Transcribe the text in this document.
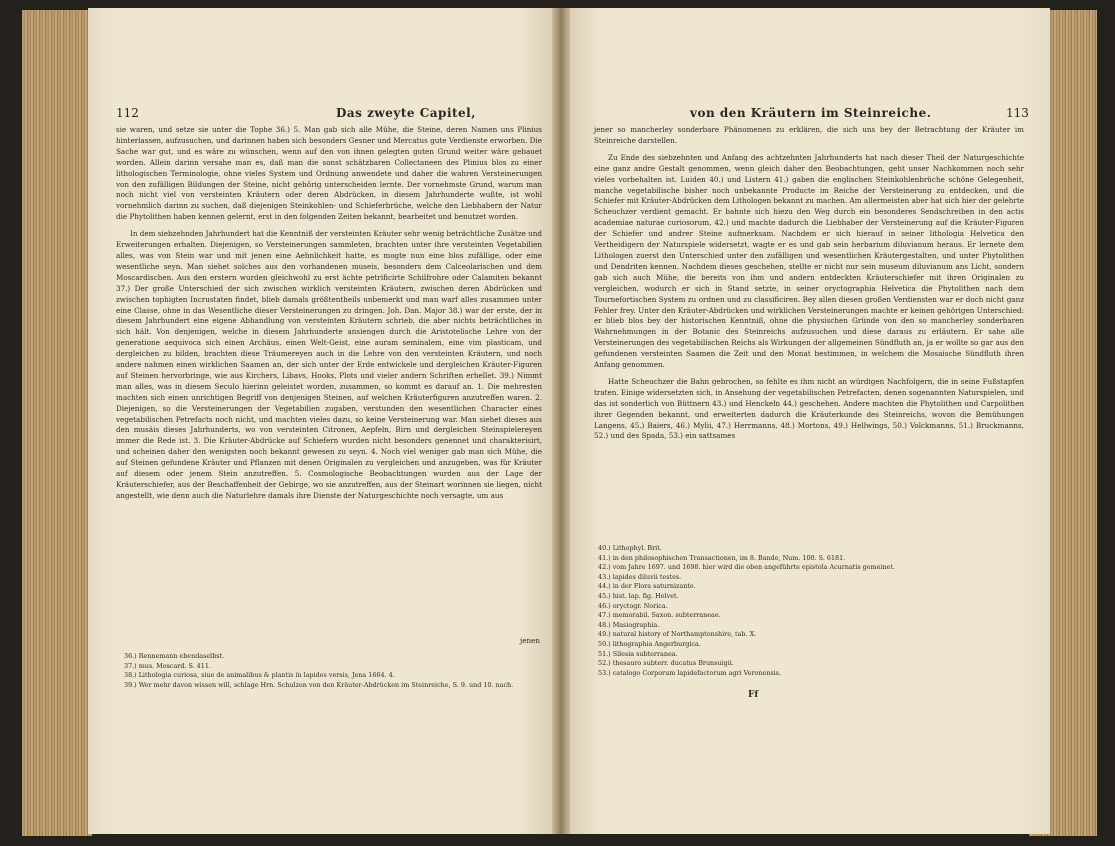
112	Das zweyte Capitel,

sie waren, und setze sie unter die Tophe 36.) 5. Man gab sich alle Mühe, die Steine, deren Namen uns Plinius hinterlassen, aufzusuchen, und darinnen haben sich besonders Gesner und Mercatus gute Verdienste erworben. Die Sache war gut, und es wäre zu wünschen, wenn auf den von ihnen gelegten guten Grund weiter wäre gebauet worden. Allein darinn versahe man es, daß man die sonst schätzbaren Collectaneen des Plinius blos zu einer lithologischen Terminologie, ohne vieles System und Ordnung anwendete und daher die wahren Versteinerungen von den zufälligen Bildungen der Steine, nicht gehörig unterscheiden lernte. Der vornehmste Grund, warum man noch nicht viel von versteinten Kräutern oder deren Abdrücken, in diesem Jahrhunderte wußte, ist wohl vornehmlich darinn zu suchen, daß diejenigen Steinkohlen- und Schieferbrüche, welche den Liebhabern der Natur die Phytolithen haben kennen gelernt, erst in den folgenden Zeiten bekannt, bearbeitet und benutzet worden.

In dem siebzehnden Jahrhundert hat die Kenntniß der versteinten Kräuter sehr wenig beträchtliche Zusätze und Erweiterungen erhalten. Diejenigen, so Versteinerungen sammleten, brachten unter ihre versteinten Vegetabilien alles, was von Stein war und mit jenen eine Aehnlichkeit hatte, es mogte nun eine blos zufällige, oder eine wesentliche seyn. Man siehet solches aus den vorhandenen museis, besonders dem Calceolarischen und dem Moscardischen. Aus den erstern wurden gleichwohl zu erst ächte petrificirte Schilfrohre oder Calamiten bekannt 37.) Der große Unterschied der sich zwischen wirklich versteinten Kräutern, zwischen deren Abdrücken und zwischen tophigten Incrustaten findet, blieb damals größtentheils unbemerkt und man warf alles zusammen unter eine Classe, ohne in das Wesentliche dieser Versteinerungen zu dringen. Joh. Dan. Major 38.) war der erste, der in diesem Jahrhundert eine eigene Abhandlung von versteinten Kräutern schrieb, die aber nichts beträchtliches in sich hält. Von denjenigen, welche in diesem Jahrhunderte ansiengen durch die Aristotelische Lehre von der generatione aequivoca sich einen Archäus, einen Welt-Geist, eine auram seminalem, eine vim plasticam, und dergleichen zu bilden, brachten diese Träumereyen auch in die Lehre von den versteinten Kräutern, und noch andere nahmen einen wirklichen Saamen an, der sich unter der Erde entwickele und dergleichen Kräuter-Figuren auf Steinen hervorbringe, wie aus Kirchers, Libavs, Hooks, Plots und vieler andern Schriften erhellet. 39.) Nimmt man alles, was in diesem Seculo hierinn geleistet worden, zusammen, so kommt es darauf an. 1. Die mehresten machten sich einen unrichtigen Begriff von denjenigen Steinen, auf welchen Kräuterfiguren anzutreffen waren. 2. Diejenigen, so die Versteinerungen der Vegetabilien zugaben, verstunden den wesentlichen Character eines vegetabilischen Petrefacts noch nicht, und machten vieles dazu, so keine Versteinerung war. Man siehet dieses aus den musäis dieses Jahrhunderts, wo von versteinten Citronen, Aepfeln, Birn und dergleichen Steinspielereyen immer die Rede ist. 3. Die Kräuter-Abdrücke auf Schiefern wurden nicht besonders genennet und charakterisirt, und scheinen daher den wenigsten noch bekannt gewesen zu seyn. 4. Noch viel weniger gab man sich Mühe, die auf Steinen gefundene Kräuter und Pflanzen mit denen Originalen zu vergleichen und anzugeben, was für Kräuter auf diesem oder jenem Stein anzutreffen. 5. Cosmologische Beobachtungen wurden aus der Lage der Kräuterschiefer, aus der Beschaffenheit der Gebirge, wo sie anzutreffen, aus der Steinart worinnen sie liegen, nicht angestellt, wie denn auch die Naturlehre damals ihre Dienste der Naturgeschichte noch versagte, um aus

jenen
36.) Rennemann ebendaselbst.
37.) mus. Moscard. S. 411.
38.) Lithologia curiosa, siue de animalibus & plantis in lapides versis, Jena 1664. 4.
39.) Wer mehr davon wissen will, schlage Hrn. Schulzen von den Kräuter-Abdrücken im Steinreiche, S. 9. und 10. nach.
von den Kräutern im Steinreiche.	113

jener so mancherley sonderbare Phänomenen zu erklären, die sich uns bey der Betrachtung der Kräuter im Steinreiche darstellen.

Zu Ende des siebzehnten und Anfang des achtzehnten Jahrhunderts hat nach dieser Theil der Naturgeschichte eine ganz andre Gestalt genommen, wenn gleich daher den Beobachtungen, geht unser Nachkommen noch sehr vieles vorbehalten ist. Luiden 40.) und Listern 41.) gaben die englischen Steinkohlenbrüche schöne Gelegenheit, manche vegetabilische bisher noch unbekannte Producte im Reiche der Versteinerung zu entdecken, und die Schiefer mit Kräuter-Abdrücken dem Lithologen bekannt zu machen. Am allermeisten aber hat sich hier der gelehrte Scheuchzer verdient gemacht. Er bahnte sich hiezu den Weg durch ein besonderes Sendschreiben in den actis academiae naturae curiosorum, 42.) und machte dadurch die Liebhaber der Versteinerung auf die Kräuter-Figuren der Schiefer und andrer Steine aufmerksam. Nachdem er sich hierauf in seiner lithologia Helvetica den Vertheidigern der Naturspiele widersetzt, wagte er es und gab sein herbarium diluvianum heraus. Er lernete dem Lithologen zuerst den Unterschied unter den zufälligen und wesentlichen Kräutergestalten, und unter Phytolithen und Dendriten kennen. Nachdem dieses geschehen, stellte er nicht nur sein museum diluvianum ans Licht, sondern gab sich auch Mühe, die bereits von ihm und andern entdeckten Kräuterschiefer mit ihren Originalen zu vergleichen, wodurch er sich in Stand setzte, in seiner oryctographia Helvetica die Phytolithen nach dem Tournefortischen System zu ordnen und zu classificiren. Bey allen diesen großen Verdiensten war er doch nicht ganz Fehler frey. Unter den Kräuter-Abdrücken und wirklichen Versteinerungen machte er keinen gehörigen Unterschied: er blieb blos bey der historischen Kenntniß, ohne die physischen Gründe von den so mancherley sonderbaren Wahrnehmungen in der Botanic des Steinreichs aufzusuchen und diese daraus zu erläutern. Er sahe alle Versteinerungen des vegetabilischen Reichs als Wirkungen der allgemeinen Sündfluth an, ja er wollte so gar aus den gefundenen versteinten Saamen die Zeit und den Monat bestimmen, in welchem die Mosaische Sündfluth ihren Anfang genommen.

Hatte Scheuchzer die Bahn gebrochen, so fehlte es ihm nicht an würdigen Nachfolgern, die in seine Fußstapfen traten. Einige widersetzten sich, in Ansehung der vegetabilischen Petrefacten, denen sogenannten Naturspielen, und das ist sonderlich von Büttnern 43.) und Henckeln 44.) geschehen. Andere machten die Phytolithen und Carpolithen ihrer Gegenden bekannt, und erweiterten dadurch die Kräuterkunde des Steinreichs, wovon die Bemühungen Langens, 45.) Baiers, 46.) Mylii, 47.) Herrmanns, 48.) Mortons, 49.) Hellwings, 50.) Volckmanns, 51.) Bruckmanns, 52.) und des Spada, 53.) ein sattsames

40.) Lithophyl. Brit.
41.) in den philosophischen Transactionen, im 8. Bande, Num. 100. S. 6181.
42.) vom Jahre 1697. und 1698. hier wird die oben angeführte epistola Acurnatis gemeinet.
43.) lapides diluvii testes.
44.) in der Flora saturnizante.
45.) hist. lap. fig. Helvet.
46.) oryctogr. Norica.
47.) memorabil. Saxon. subterraneae.
48.) Masiographia.
49.) natural history of Northamptonshire, tab. X.
50.) lithographia Angerburgica.
51.) Silesia subterranea.
52.) thesauro subterr. ducatus Brunsuigii.
53.) catalogo Corporum lapidefactorum agri Veronensis.
Ff
